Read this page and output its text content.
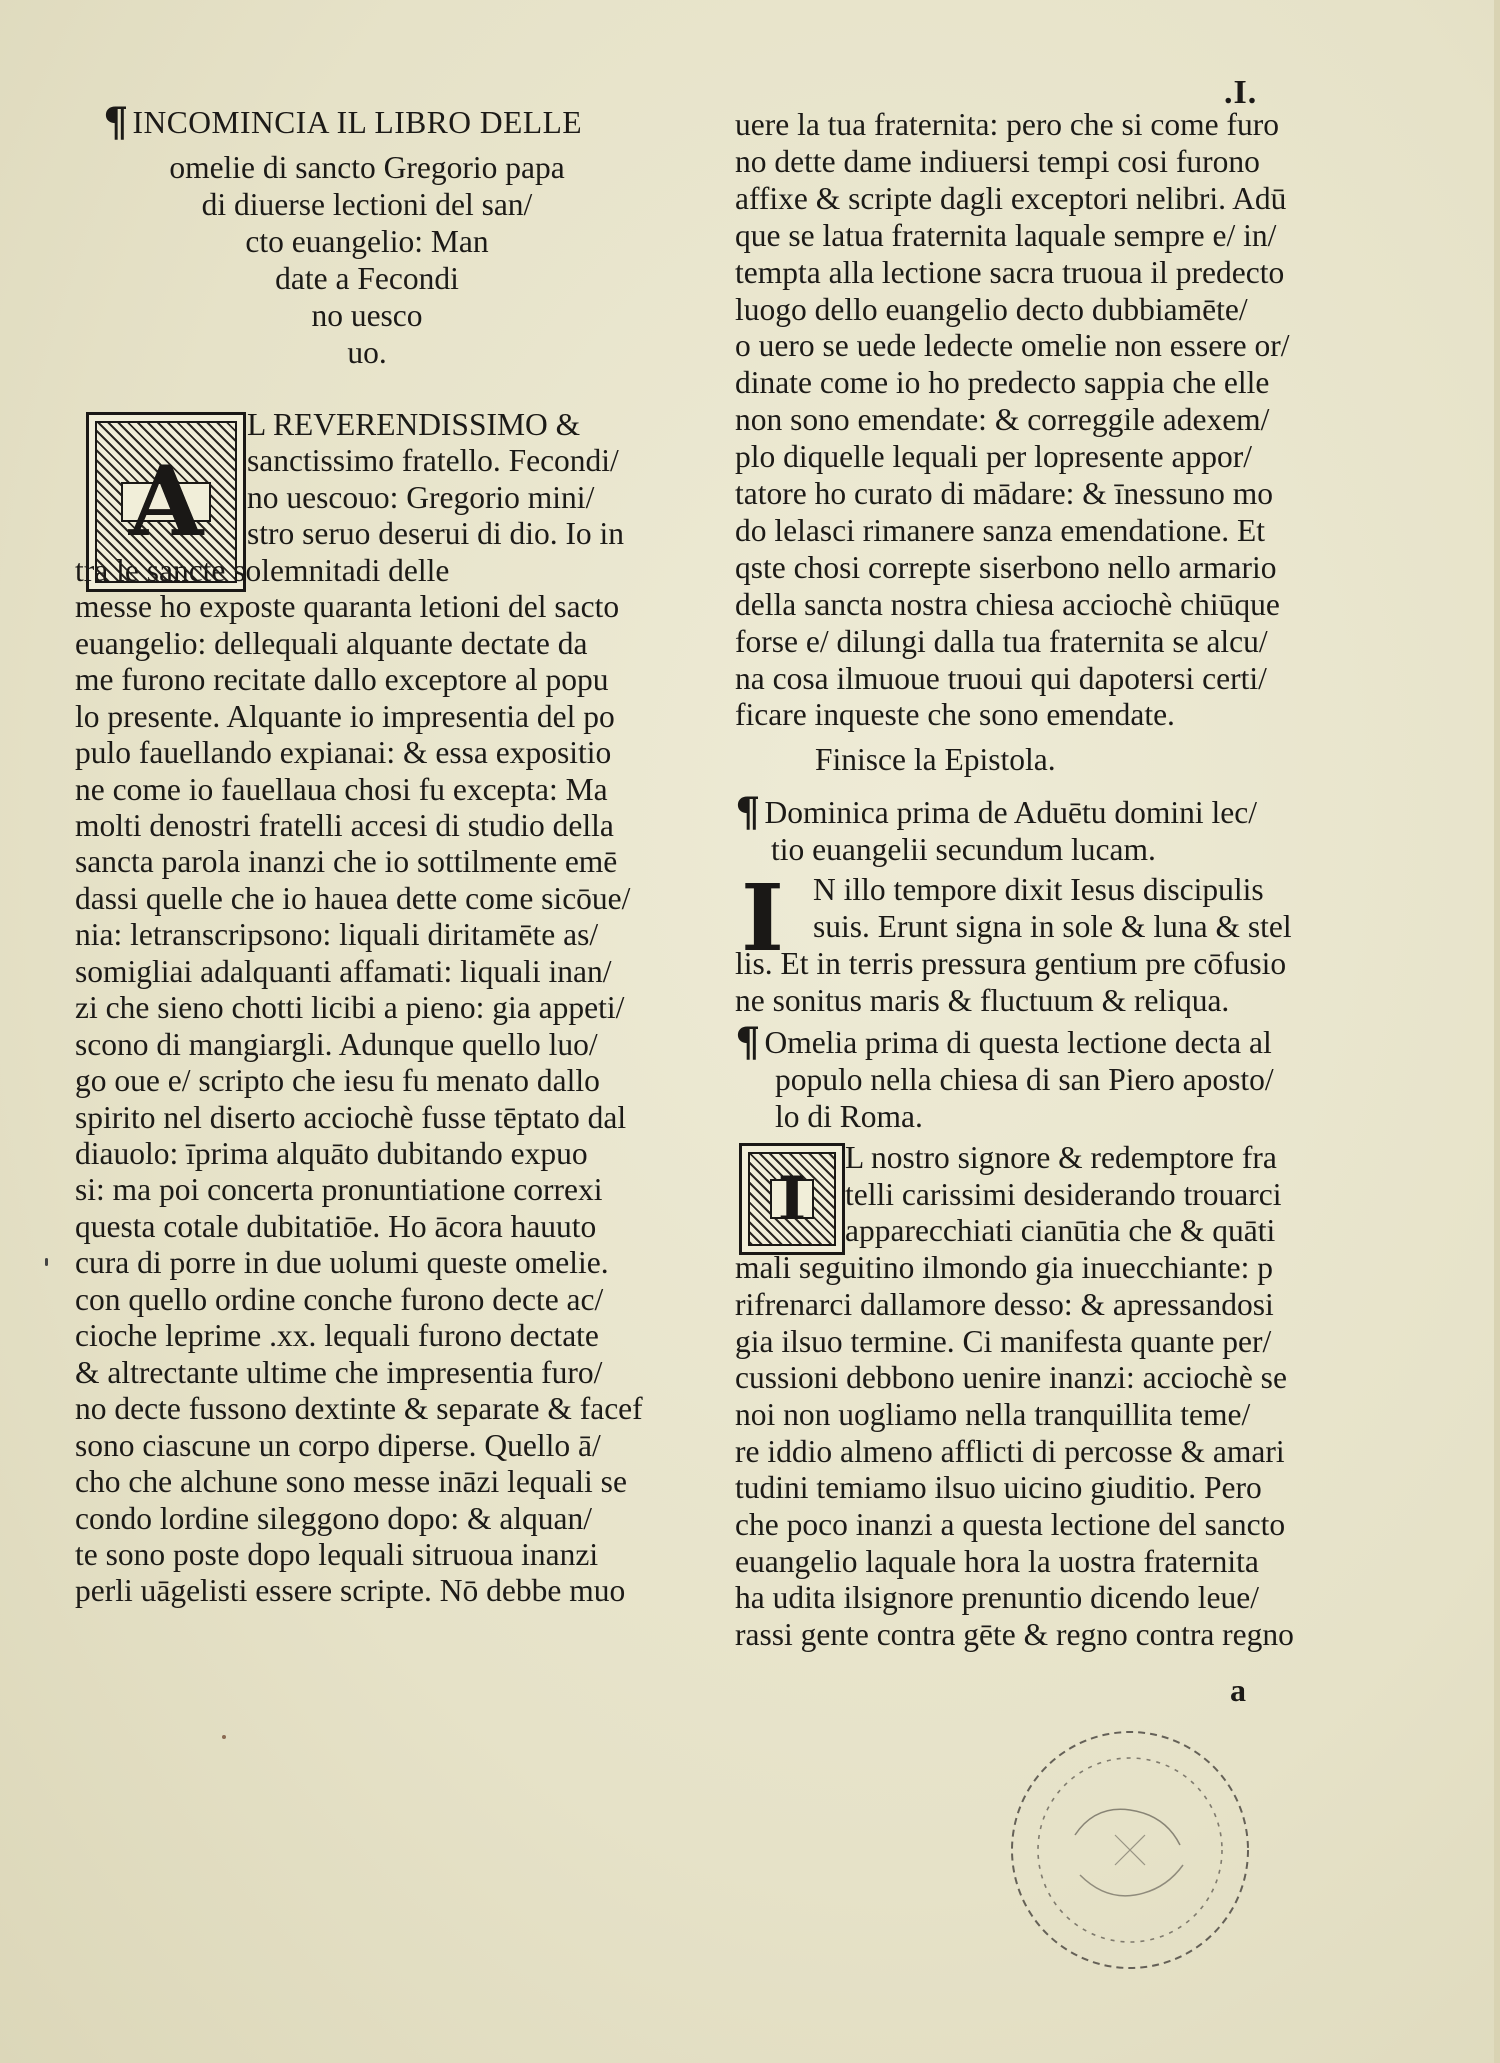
.I.
¶ INCOMINCIA IL LIBRO DELLE
omelie di sancto Gregorio papa
di diuerse lectioni del san/
cto euangelio: Man
date a Fecondi
no uesco
uo.
A
L REVERENDISSIMO &
sanctissimo fratello. Fecondi/
no uescouo: Gregorio mini/
stro seruo deserui di dio. Io in
tra le sancte solemnitadi delle
messe ho exposte quaranta letioni del sacto
euangelio: dellequali alquante dectate da
me furono recitate dallo exceptore al popu
lo presente. Alquante io impresentia del po
pulo fauellando expianai: & essa expositio
ne come io fauellaua chosi fu excepta: Ma
molti denostri fratelli accesi di studio della
sancta parola inanzi che io sottilmente emē
dassi quelle che io hauea dette come sicōue/
nia: letranscripsono: liquali diritamēte as/
somigliai adalquanti affamati: liquali inan/
zi che sieno chotti licibi a pieno: gia appeti/
scono di mangiargli. Adunque quello luo/
go oue e/ scripto che iesu fu menato dallo
spirito nel diserto acciochè fusse tēptato dal
diauolo: īprima alquāto dubitando expuo
si: ma poi concerta pronuntiatione correxi
questa cotale dubitatiōe. Ho ācora hauuto
cura di porre in due uolumi queste omelie.
con quello ordine conche furono decte ac/
cioche leprime .xx. lequali furono dectate
& altrectante ultime che impresentia furo/
no decte fussono dextinte & separate & facef
sono ciascune un corpo diperse. Quello ā/
cho che alchune sono messe ināzi lequali se
condo lordine sileggono dopo: & alquan/
te sono poste dopo lequali sitruoua inanzi
perli uāgelisti essere scripte. Nō debbe muo
uere la tua fraternita: pero che si come furo
no dette dame indiuersi tempi cosi furono
affixe & scripte dagli exceptori nelibri. Adū
que se latua fraternita laquale sempre e/ in/
tempta alla lectione sacra truoua il predecto
luogo dello euangelio decto dubbiamēte/
o uero se uede ledecte omelie non essere or/
dinate come io ho predecto sappia che elle
non sono emendate: & correggile adexem/
plo diquelle lequali per lopresente appor/
tatore ho curato di mādare: & īnessuno mo
do lelasci rimanere sanza emendatione. Et
qste chosi correpte siserbono nello armario
della sancta nostra chiesa acciochè chiūque
forse e/ dilungi dalla tua fraternita se alcu/
na cosa ilmuoue truoui qui dapotersi certi/
ficare inqueste che sono emendate.
Finisce la Epistola.
¶ Dominica prima de Aduētu domini lec/
tio euangelii secundum lucam.
I N illo tempore dixit Iesus discipulis
suis. Erunt signa in sole & luna & stel
lis. Et in terris pressura gentium pre cōfusio
ne sonitus maris & fluctuum & reliqua.
¶ Omelia prima di questa lectione decta al
populo nella chiesa di san Piero aposto/
lo di Roma.
I
L nostro signore & redemptore fra
telli carissimi desiderando trouarci
apparecchiati cianūtia che & quāti
mali seguitino ilmondo gia inuecchiante: p
rifrenarci dallamore desso: & apressandosi
gia ilsuo termine. Ci manifesta quante per/
cussioni debbono uenire inanzi: acciochè se
noi non uogliamo nella tranquillita teme/
re iddio almeno afflicti di percosse & amari
tudini temiamo ilsuo uicino giuditio. Pero
che poco inanzi a questa lectione del sancto
euangelio laquale hora la uostra fraternita
ha udita ilsignore prenuntio dicendo leue/
rassi gente contra gēte & regno contra regno
a
